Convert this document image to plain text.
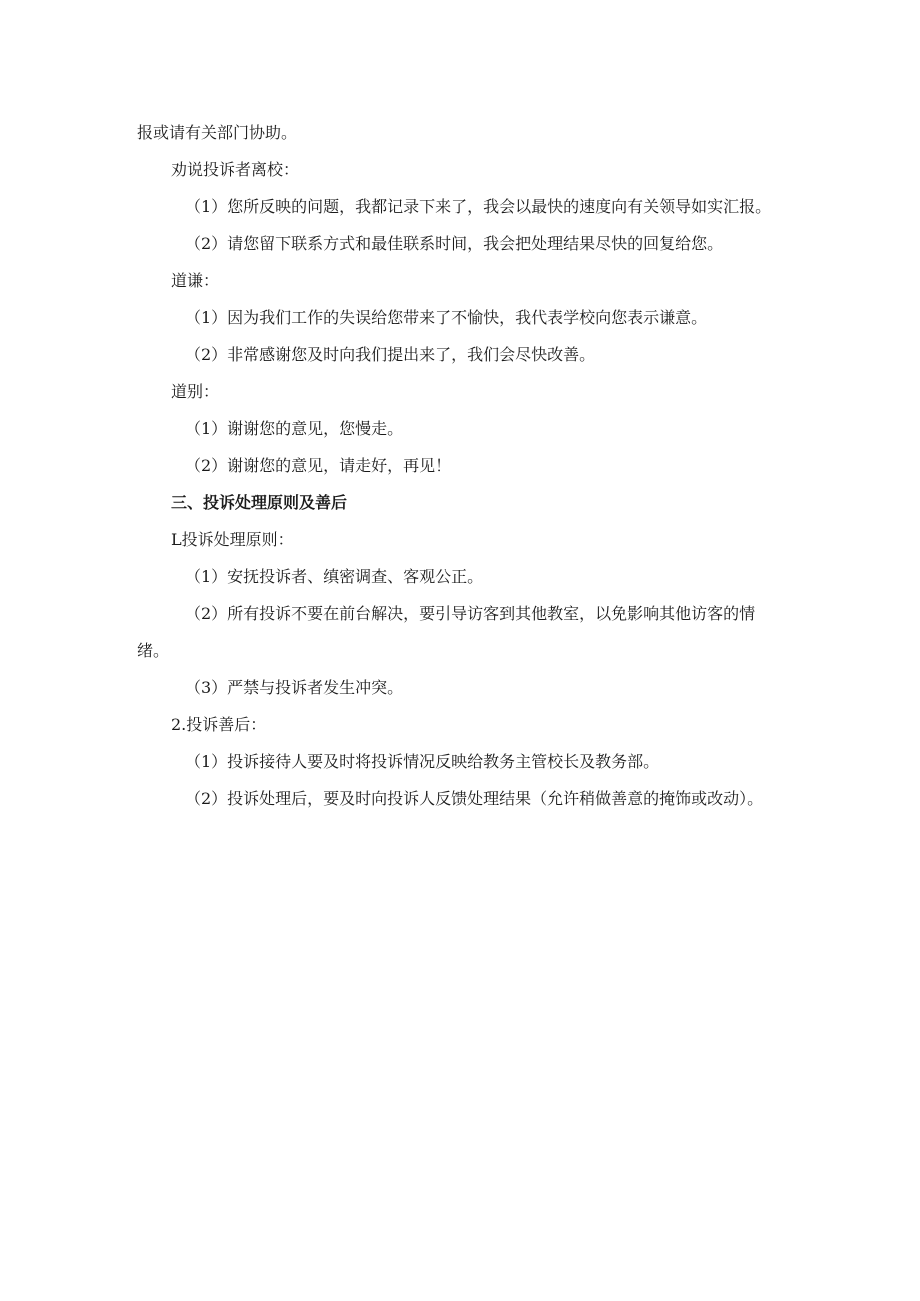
报或请有关部门协助。

劝说投诉者离校：

（1）您所反映的问题，我都记录下来了，我会以最快的速度向有关领导如实汇报。

（2）请您留下联系方式和最佳联系时间，我会把处理结果尽快的回复给您。

道谦：

（1）因为我们工作的失误给您带来了不愉快，我代表学校向您表示谦意。

（2）非常感谢您及时向我们提出来了，我们会尽快改善。

道别：

（1）谢谢您的意见，您慢走。

（2）谢谢您的意见，请走好，再见！

三、投诉处理原则及善后

L投诉处理原则：

（1）安抚投诉者、缜密调查、客观公正。

（2）所有投诉不要在前台解决，要引导访客到其他教室，以免影响其他访客的情绪。

（3）严禁与投诉者发生冲突。

2.投诉善后：

（1）投诉接待人要及时将投诉情况反映给教务主管校长及教务部。

（2）投诉处理后，要及时向投诉人反馈处理结果（允许稍做善意的掩饰或改动）。
